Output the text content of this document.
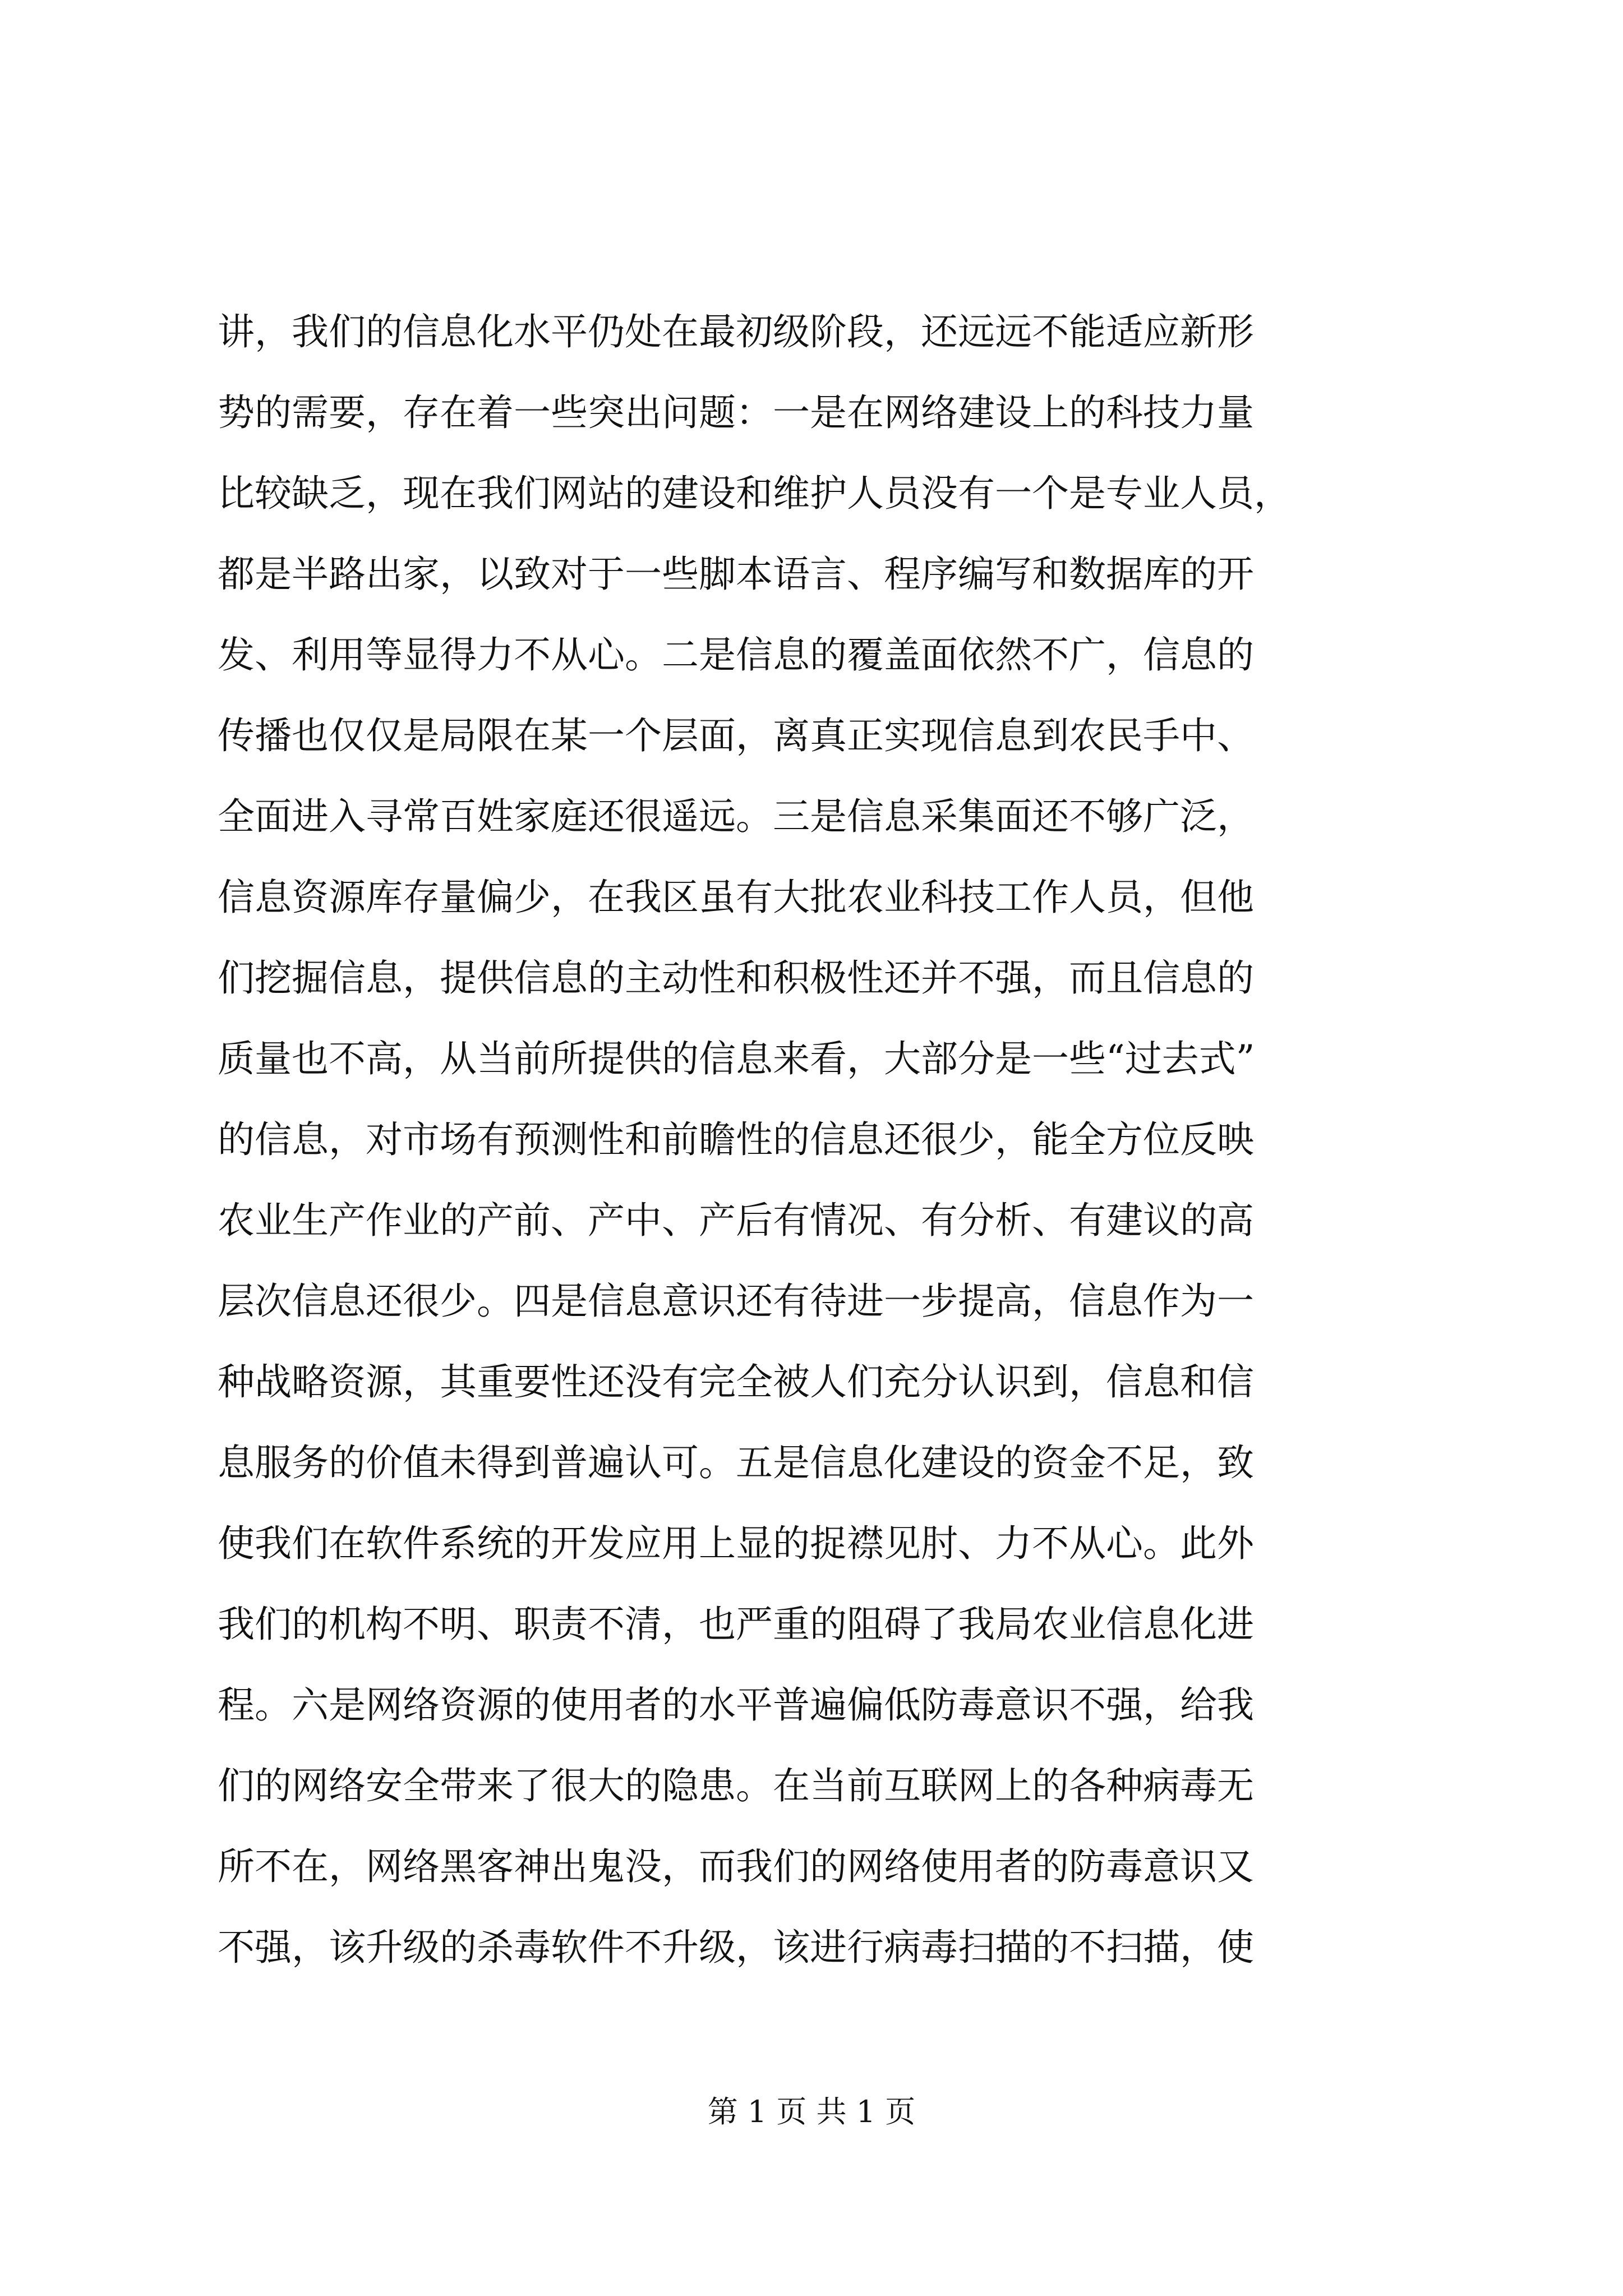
讲，我们的信息化水平仍处在最初级阶段，还远远不能适应新形
势的需要，存在着一些突出问题：一是在网络建设上的科技力量
比较缺乏，现在我们网站的建设和维护人员没有一个是专业人员，
都是半路出家，以致对于一些脚本语言、程序编写和数据库的开
发、利用等显得力不从心。二是信息的覆盖面依然不广，信息的
传播也仅仅是局限在某一个层面，离真正实现信息到农民手中、
全面进入寻常百姓家庭还很遥远。三是信息采集面还不够广泛，
信息资源库存量偏少，在我区虽有大批农业科技工作人员，但他
们挖掘信息，提供信息的主动性和积极性还并不强，而且信息的
质量也不高，从当前所提供的信息来看，大部分是一些“过去式”
的信息，对市场有预测性和前瞻性的信息还很少，能全方位反映
农业生产作业的产前、产中、产后有情况、有分析、有建议的高
层次信息还很少。四是信息意识还有待进一步提高，信息作为一
种战略资源，其重要性还没有完全被人们充分认识到，信息和信
息服务的价值未得到普遍认可。五是信息化建设的资金不足，致
使我们在软件系统的开发应用上显的捉襟见肘、力不从心。此外
我们的机构不明、职责不清，也严重的阻碍了我局农业信息化进
程。六是网络资源的使用者的水平普遍偏低防毒意识不强，给我
们的网络安全带来了很大的隐患。在当前互联网上的各种病毒无
所不在，网络黑客神出鬼没，而我们的网络使用者的防毒意识又
不强，该升级的杀毒软件不升级，该进行病毒扫描的不扫描，使
第 1 页 共 1 页
